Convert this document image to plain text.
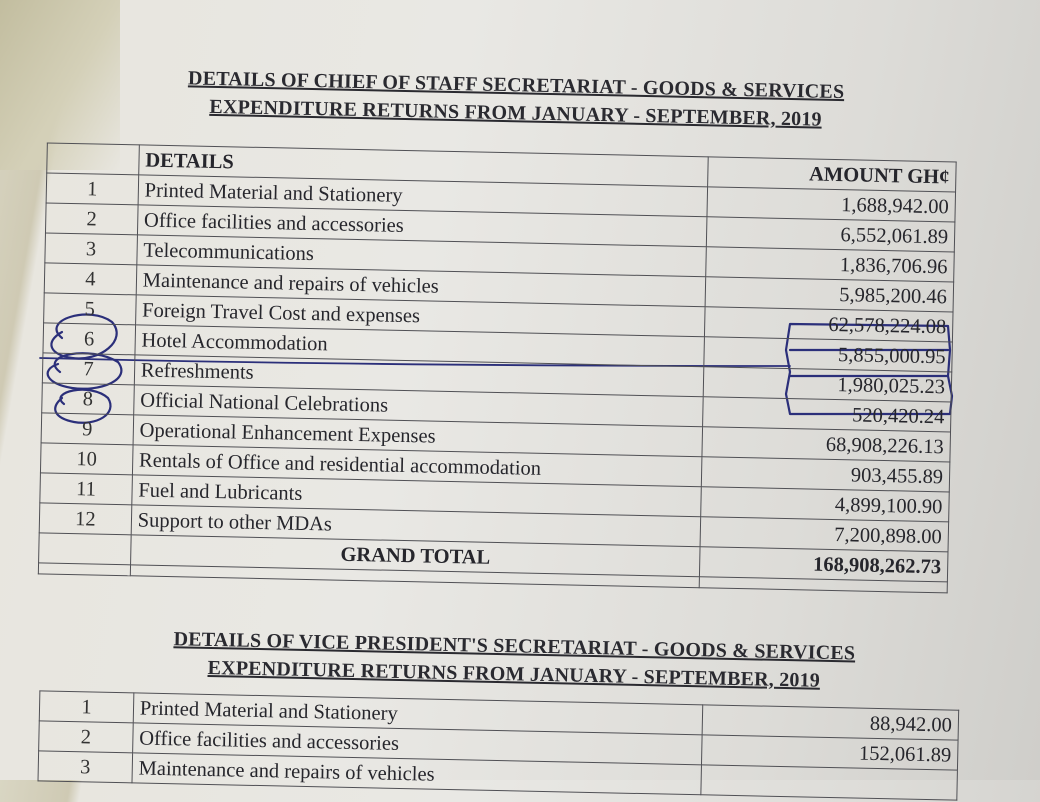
DETAILS OF CHIEF OF STAFF SECRETARIAT - GOODS & SERVICES
EXPENDITURE RETURNS FROM JANUARY - SEPTEMBER, 2019
	DETAILS	AMOUNT GH¢
1	Printed Material and Stationery	1,688,942.00
2	Office facilities and accessories	6,552,061.89
3	Telecommunications	1,836,706.96
4	Maintenance and repairs of vehicles	5,985,200.46
5	Foreign Travel Cost and expenses	62,578,224.08
6	Hotel Accommodation	5,855,000.95
7	Refreshments	1,980,025.23
8	Official National Celebrations	520,420.24
9	Operational Enhancement Expenses	68,908,226.13
10	Rentals of Office and residential accommodation	903,455.89
11	Fuel and Lubricants	4,899,100.90
12	Support to other MDAs	7,200,898.00
	GRAND TOTAL	168,908,262.73

DETAILS OF VICE PRESIDENT'S SECRETARIAT - GOODS & SERVICES
EXPENDITURE RETURNS FROM JANUARY - SEPTEMBER, 2019
1	Printed Material and Stationery	88,942.00
2	Office facilities and accessories	152,061.89
3	Maintenance and repairs of vehicles	
